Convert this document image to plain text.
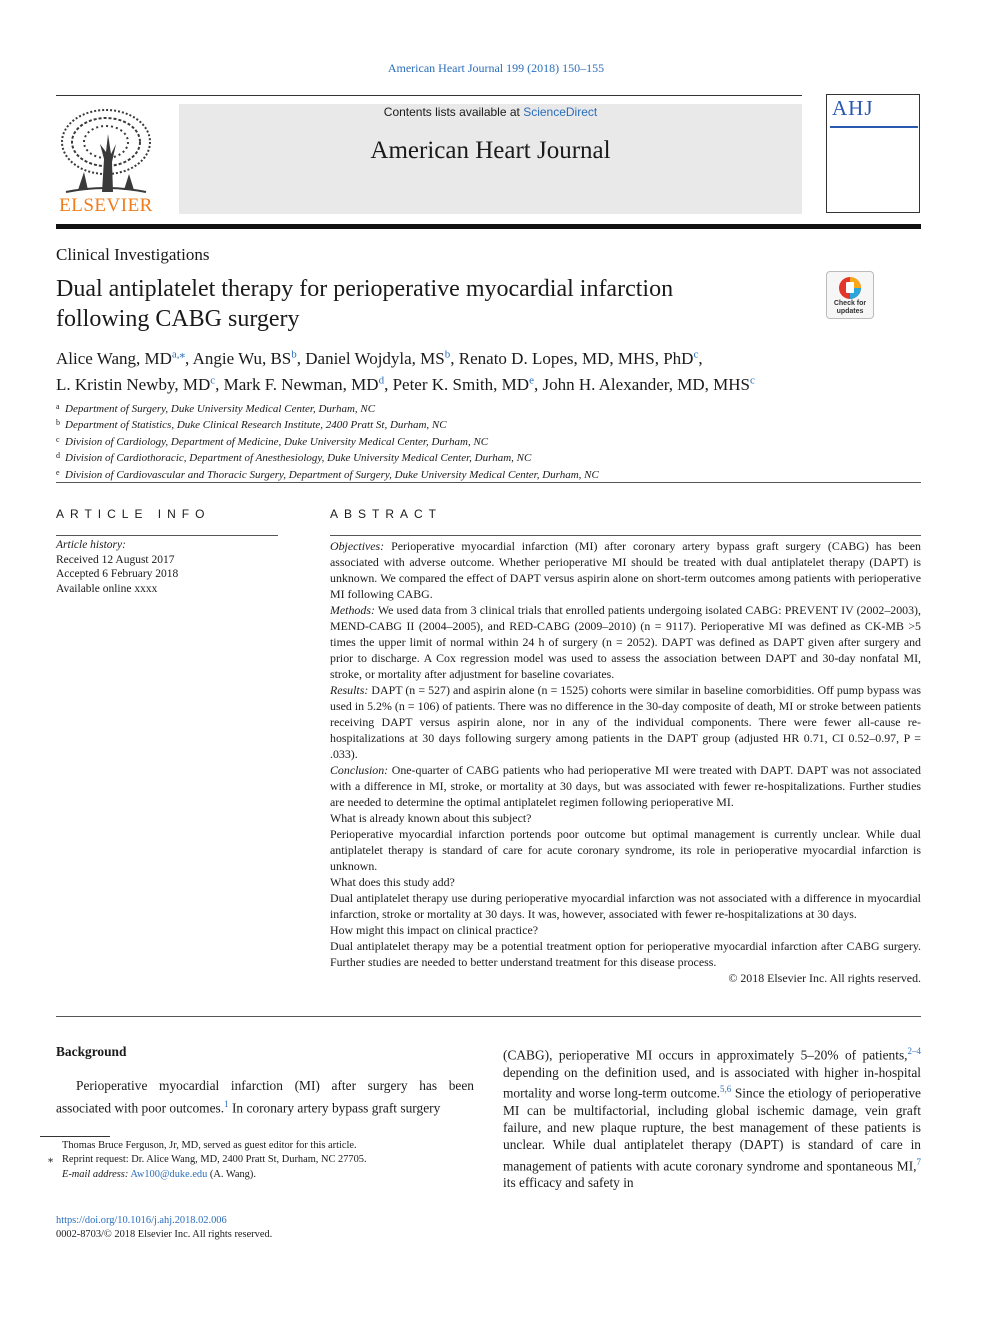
American Heart Journal 199 (2018) 150–155
ELSEVIER
Contents lists available at ScienceDirect
American Heart Journal
AHJ
Clinical Investigations
Dual antiplatelet therapy for perioperative myocardial infarction following CABG surgery
Check for updates
Alice Wang, $MD^{a,⁎}$, Angie Wu, $BS^b$, Daniel Wojdyla, $MS^b$, Renato D. Lopes, MD, MHS, PhD$^c$,
L. Kristin Newby, $MD^c$, Mark F. Newman, $MD^d$, Peter K. Smith, MDe, John H. Alexander, MD, MHS$^c$
a Department of Surgery, Duke University Medical Center, Durham, NC
b Department of Statistics, Duke Clinical Research Institute, 2400 Pratt St, Durham, NC
c Division of Cardiology, Department of Medicine, Duke University Medical Center, Durham, NC
d Division of Cardiothoracic, Department of Anesthesiology, Duke University Medical Center, Durham, NC
e Division of Cardiovascular and Thoracic Surgery, Department of Surgery, Duke University Medical Center, Durham, NC
ARTICLE INFO	ABSTRACT
Article history:
Received 12 August 2017
Accepted 6 February 2018
Available online xxxx

Objectives: Perioperative myocardial infarction (MI) after coronary artery bypass graft surgery (CABG) has been associated with adverse outcome. Whether perioperative MI should be treated with dual antiplatelet therapy (DAPT) is unknown. We compared the effect of DAPT versus aspirin alone on short-term outcomes among patients with perioperative MI following CABG.

Methods: We used data from 3 clinical trials that enrolled patients undergoing isolated CABG: PREVENT IV (2002–2003), MEND-CABG II (2004–2005), and RED-CABG (2009–2010) (n = 9117). Perioperative MI was defined as CK-MB >5 times the upper limit of normal within 24 h of surgery (n = 2052). DAPT was defined as DAPT given after surgery and prior to discharge. A Cox regression model was used to assess the association between DAPT and 30-day nonfatal MI, stroke, or mortality after adjustment for baseline covariates.

Results: DAPT (n = 527) and aspirin alone (n = 1525) cohorts were similar in baseline comorbidities. Off pump bypass was used in 5.2% (n = 106) of patients. There was no difference in the 30-day composite of death, MI or stroke between patients receiving DAPT versus aspirin alone, nor in any of the individual components. There were fewer all-cause re-hospitalizations at 30 days following surgery among patients in the DAPT group (adjusted HR 0.71, CI 0.52–0.97, P = .033).

Conclusion: One-quarter of CABG patients who had perioperative MI were treated with DAPT. DAPT was not associated with a difference in MI, stroke, or mortality at 30 days, but was associated with fewer re-hospitalizations. Further studies are needed to determine the optimal antiplatelet regimen following perioperative MI.

What is already known about this subject?

Perioperative myocardial infarction portends poor outcome but optimal management is currently unclear. While dual antiplatelet therapy is standard of care for acute coronary syndrome, its role in perioperative myocardial infarction is unknown.

What does this study add?

Dual antiplatelet therapy use during perioperative myocardial infarction was not associated with a difference in myocardial infarction, stroke or mortality at 30 days. It was, however, associated with fewer re-hospitalizations at 30 days.

How might this impact on clinical practice?

Dual antiplatelet therapy may be a potential treatment option for perioperative myocardial infarction after CABG surgery. Further studies are needed to better understand treatment for this disease process.

© 2018 Elsevier Inc. All rights reserved.

Background

Perioperative myocardial infarction (MI) after surgery has been associated with poor outcomes.$^1$ In coronary artery bypass graft surgery

(CABG), perioperative MI occurs in approximately 5–20% of patients,$^{2-4}$ depending on the definition used, and is associated with higher in-hospital mortality and worse long-term outcome.$^{5,6}$ Since the etiology of perioperative MI can be multifactorial, including global ischemic damage, vein graft failure, and new plaque rupture, the best management of these patients is unclear. While dual antiplatelet therapy (DAPT) is standard of care in management of patients with acute coronary syndrome and spontaneous MI,$^7$ its efficacy and safety in
Thomas Bruce Ferguson, Jr, MD, served as guest editor for this article.
⁎ Reprint request: Dr. Alice Wang, MD, 2400 Pratt St, Durham, NC 27705.
E-mail address: Aw100@duke.edu (A. Wang).
https://doi.org/10.1016/j.ahj.2018.02.006
0002-8703/© 2018 Elsevier Inc. All rights reserved.
